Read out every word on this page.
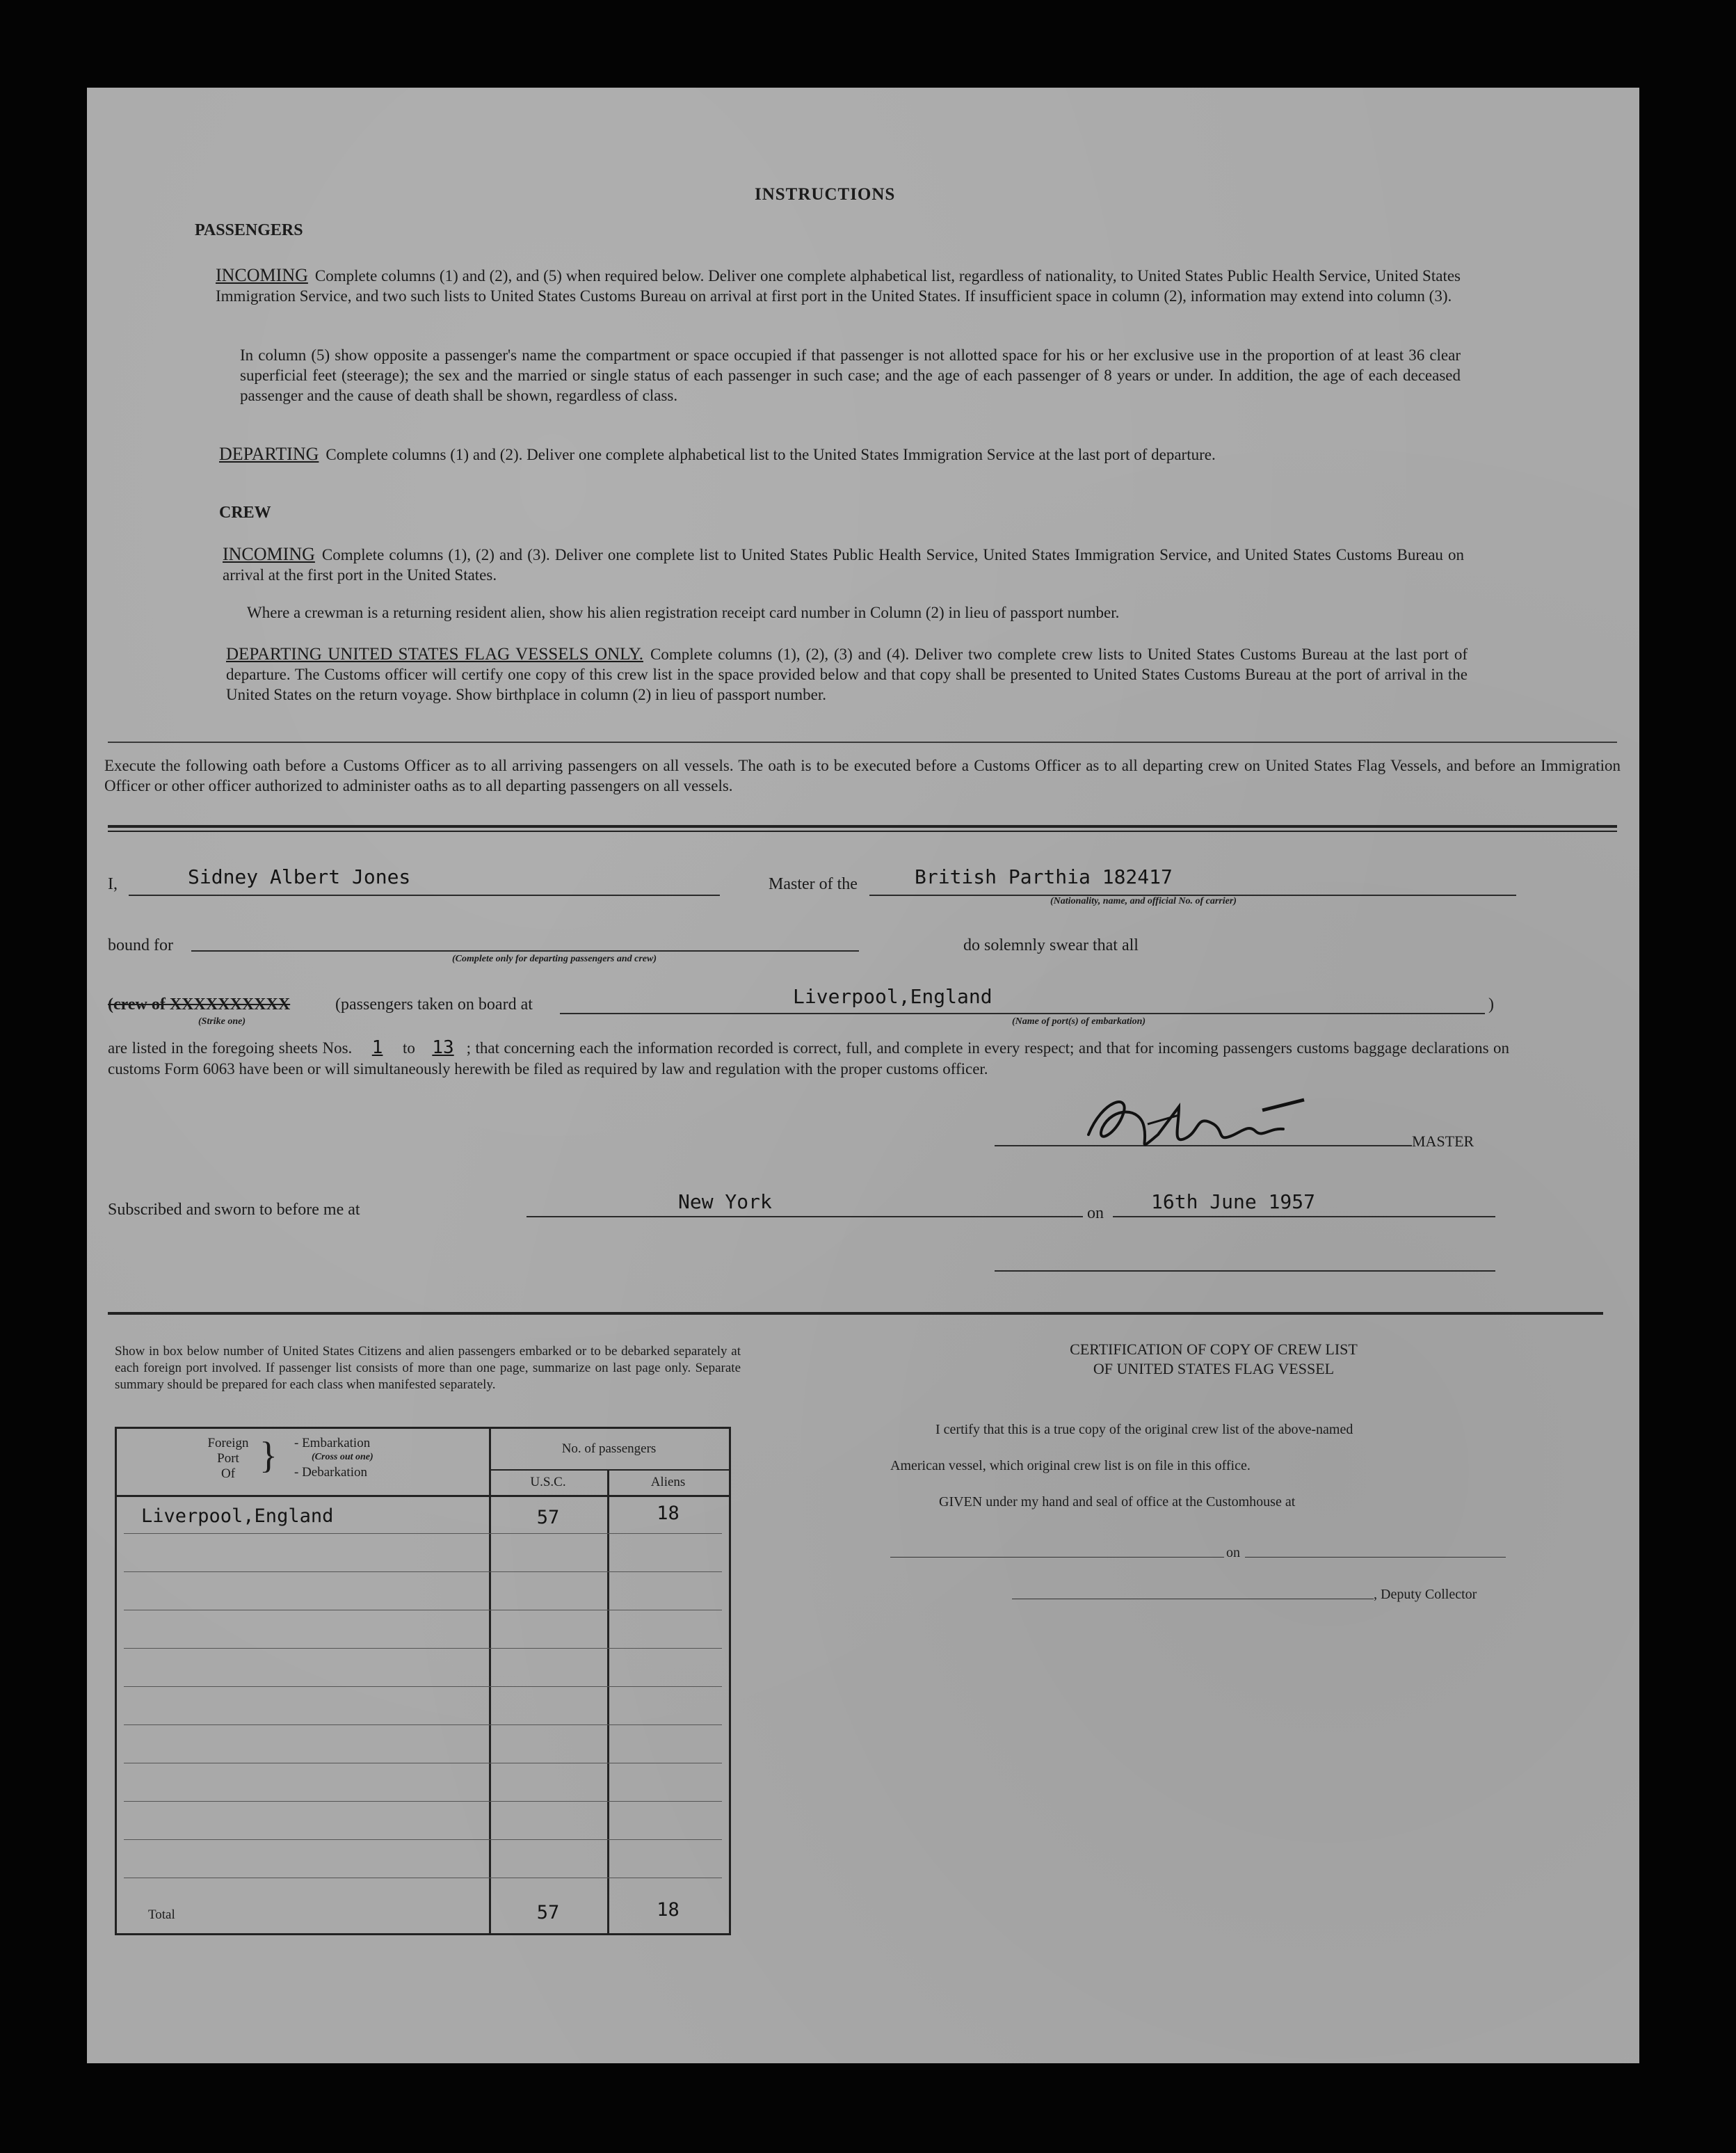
INSTRUCTIONS
PASSENGERS
INCOMING Complete columns (1) and (2), and (5) when required below. Deliver one complete alphabetical list, regardless of nationality, to United States Public Health Service, United States Immigration Service, and two such lists to United States Customs Bureau on arrival at first port in the United States. If insufficient space in column (2), information may extend into column (3).
In column (5) show opposite a passenger's name the compartment or space occupied if that passenger is not allotted space for his or her exclusive use in the proportion of at least 36 clear superficial feet (steerage); the sex and the married or single status of each passenger in such case; and the age of each passenger of 8 years or under. In addition, the age of each deceased passenger and the cause of death shall be shown, regardless of class.
DEPARTING Complete columns (1) and (2). Deliver one complete alphabetical list to the United States Immigration Service at the last port of departure.
CREW
INCOMING Complete columns (1), (2) and (3). Deliver one complete list to United States Public Health Service, United States Immigration Service, and United States Customs Bureau on arrival at the first port in the United States.
Where a crewman is a returning resident alien, show his alien registration receipt card number in Column (2) in lieu of passport number.
DEPARTING UNITED STATES FLAG VESSELS ONLY. Complete columns (1), (2), (3) and (4). Deliver two complete crew lists to United States Customs Bureau at the last port of departure. The Customs officer will certify one copy of this crew list in the space provided below and that copy shall be presented to United States Customs Bureau at the port of arrival in the United States on the return voyage. Show birthplace in column (2) in lieu of passport number.
Execute the following oath before a Customs Officer as to all arriving passengers on all vessels. The oath is to be executed before a Customs Officer as to all departing crew on United States Flag Vessels, and before an Immigration Officer or other officer authorized to administer oaths as to all departing passengers on all vessels.
I,	Sidney Albert Jones	Master of the	British Parthia 182417
(Nationality, name, and official No. of carrier)
bound for
(Complete only for departing passengers and crew)
do solemnly swear that all
(crew of XXXXXXXXXX
(Strike one)
(passengers taken on board at	Liverpool,England
(Name of port(s) of embarkation)
)
are listed in the foregoing sheets Nos. 1 to 13 ; that concerning each the information recorded is correct, full, and complete in every respect; and that for incoming passengers customs baggage declarations on customs Form 6063 have been or will simultaneously herewith be filed as required by law and regulation with the proper customs officer.
MASTER
Subscribed and sworn to before me at	New York	on 16th June 1957
Show in box below number of United States Citizens and alien passengers embarked or to be debarked separately at each foreign port involved. If passenger list consists of more than one page, summarize on last page only. Separate summary should be prepared for each class when manifested separately.
Foreign
Port
Of } - Embarkation
(Cross out one)
- Debarkation
No. of passengers
U.S.C.	Aliens
Liverpool,England	57	18
Total	57	18
CERTIFICATION OF COPY OF CREW LIST
OF UNITED STATES FLAG VESSEL
I certify that this is a true copy of the original crew list of the above-named
American vessel, which original crew list is on file in this office.
GIVEN under my hand and seal of office at the Customhouse at
on
, Deputy Collector
